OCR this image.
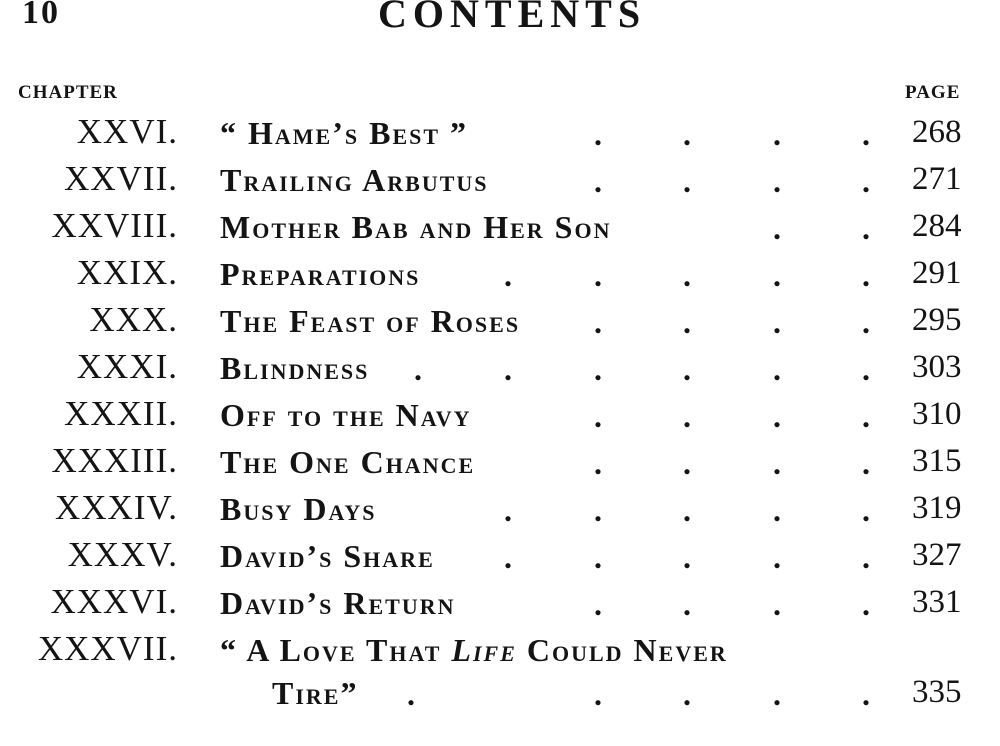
10	CONTENTS
CHAPTER	PAGE
XXVI. “ Hame’s Best ”	.	.	.	. 268
XXVII. Trailing Arbutus	.	.	.	. 271
XXVIII. Mother Bab and Her Son	.	. 284
XXIX. Preparations	.	.	.	.	. 291
XXX. The Feast of Roses .	.	.	. 295
XXXI. Blindness .	.	.	.	.	. 303
XXXII. Off to the Navy	.	.	.	. 310
XXXIII. The One Chance	.	.	.	. 315
XXXIV. Busy Days	.	.	.	.	. 319
XXXV. David’s Share .	.	.	.	. 327
XXXVI. David’s Return	.	.	.	. 331
XXXVII. “ A Love That Life Could Never
Tire” .	.	.	.	. 335
